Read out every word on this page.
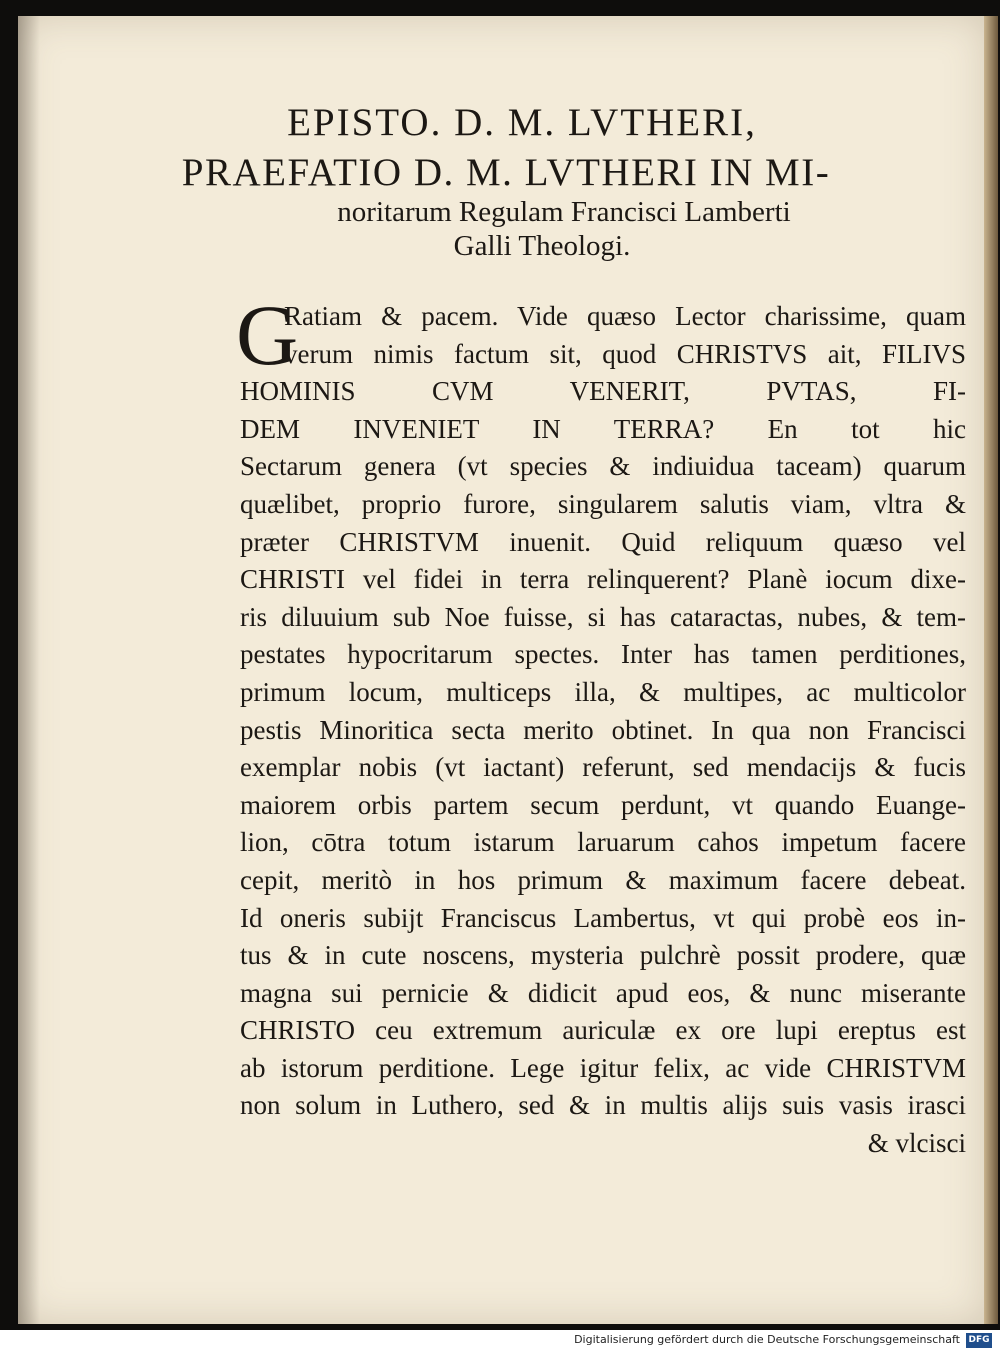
EPISTO. D. M. LVTHERI,
PRAEFATIO D. M. LVTHERI IN MI-
noritarum Regulam Francisci Lamberti
Galli Theologi.
G
Ratiam & pacem. Vide quæso Lector charissime, quam
verum nimis factum sit, quod CHRISTVS ait, FILIVS
HOMINIS CVM VENERIT, PVTAS, FI-
DEM INVENIET IN TERRA? En tot hic
Sectarum genera (vt species & indiuidua taceam) quarum
quælibet, proprio furore, singularem salutis viam, vltra &
præter CHRISTVM inuenit. Quid reliquum quæso vel
CHRISTI vel fidei in terra relinquerent? Planè iocum dixe-
ris diluuium sub Noe fuisse, si has cataractas, nubes, & tem-
pestates hypocritarum spectes. Inter has tamen perditiones,
primum locum, multiceps illa, & multipes, ac multicolor
pestis Minoritica secta merito obtinet. In qua non Francisci
exemplar nobis (vt iactant) referunt, sed mendacijs & fucis
maiorem orbis partem secum perdunt, vt quando Euange-
lion, cōtra totum istarum laruarum cahos impetum facere
cepit, meritò in hos primum & maximum facere debeat.
Id oneris subijt Franciscus Lambertus, vt qui probè eos in-
tus & in cute noscens, mysteria pulchrè possit prodere, quæ
magna sui pernicie & didicit apud eos, & nunc miserante
CHRISTO ceu extremum auriculæ ex ore lupi ereptus est
ab istorum perditione. Lege igitur felix, ac vide CHRISTVM
non solum in Luthero, sed & in multis alijs suis vasis irasci
& vlcisci
Digitalisierung gefördert durch die Deutsche Forschungsgemeinschaft DFG
